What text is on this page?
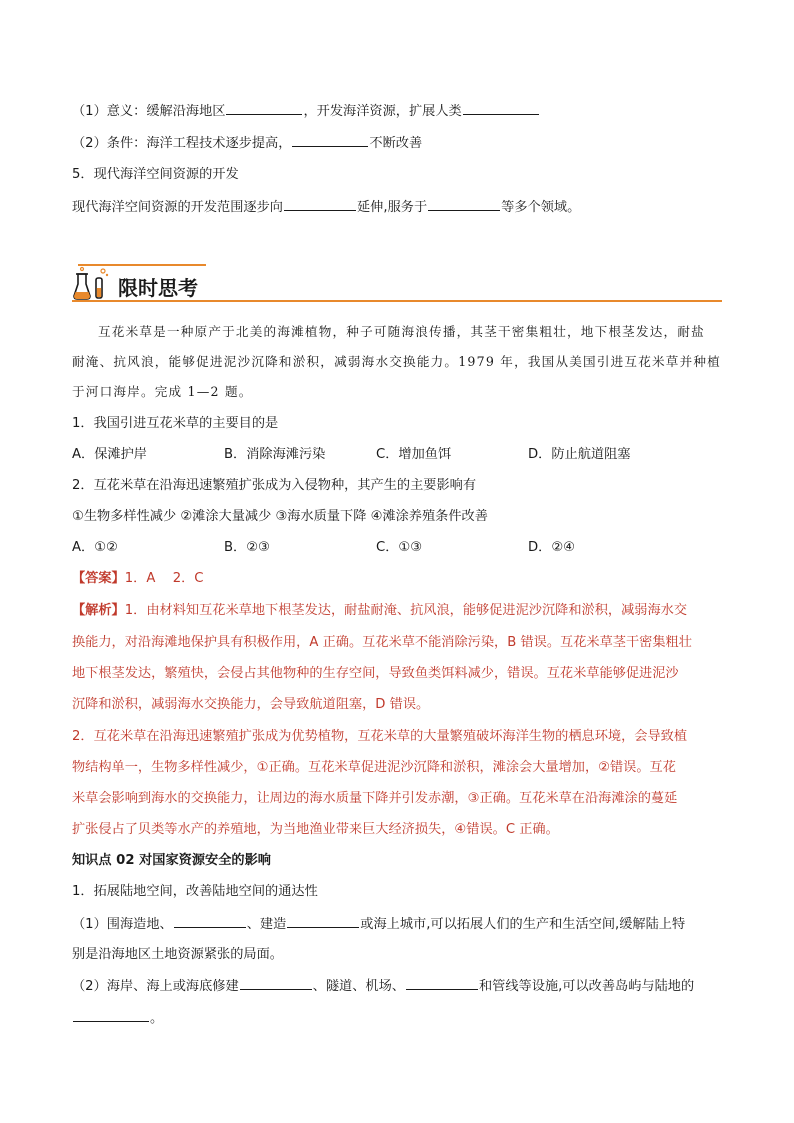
（1）意义：缓解沿海地区	，开发海洋资源，扩展人类
（2）条件：海洋工程技术逐步提高，	不断改善
5．现代海洋空间资源的开发
现代海洋空间资源的开发范围逐步向	延伸,服务于	等多个领域。
限时思考
互花米草是一种原产于北美的海滩植物，种子可随海浪传播，其茎干密集粗壮，地下根茎发达，耐盐
耐淹、抗风浪，能够促进泥沙沉降和淤积，减弱海水交换能力。1979 年，我国从美国引进互花米草并种植
于河口海岸。完成 1—2 题。
1．我国引进互花米草的主要目的是
A．保滩护岸	B．消除海滩污染	C．增加鱼饵	D．防止航道阻塞
2．互花米草在沿海迅速繁殖扩张成为入侵物种，其产生的主要影响有
①生物多样性减少 ②滩涂大量减少 ③海水质量下降 ④滩涂养殖条件改善
A．①②	B．②③	C．①③	D．②④
【答案】1．A　 2．C
【解析】1．由材料知互花米草地下根茎发达，耐盐耐淹、抗风浪，能够促进泥沙沉降和淤积，减弱海水交
换能力，对沿海滩地保护具有积极作用，A 正确。互花米草不能消除污染，B 错误。互花米草茎干密集粗壮
地下根茎发达，繁殖快，会侵占其他物种的生存空间，导致鱼类饵料减少，错误。互花米草能够促进泥沙
沉降和淤积，减弱海水交换能力，会导致航道阻塞，D 错误。
2．互花米草在沿海迅速繁殖扩张成为优势植物，互花米草的大量繁殖破坏海洋生物的栖息环境，会导致植
物结构单一，生物多样性减少，①正确。互花米草促进泥沙沉降和淤积，滩涂会大量增加，②错误。互花
米草会影响到海水的交换能力，让周边的海水质量下降并引发赤潮，③正确。互花米草在沿海滩涂的蔓延
扩张侵占了贝类等水产的养殖地，为当地渔业带来巨大经济损失，④错误。C 正确。
知识点 02 对国家资源安全的影响
1．拓展陆地空间，改善陆地空间的通达性
（1）围海造地、	、建造	或海上城市,可以拓展人们的生产和生活空间,缓解陆上特
别是沿海地区土地资源紧张的局面。
（2）海岸、海上或海底修建	、隧道、机场、	和管线等设施,可以改善岛屿与陆地的
。
